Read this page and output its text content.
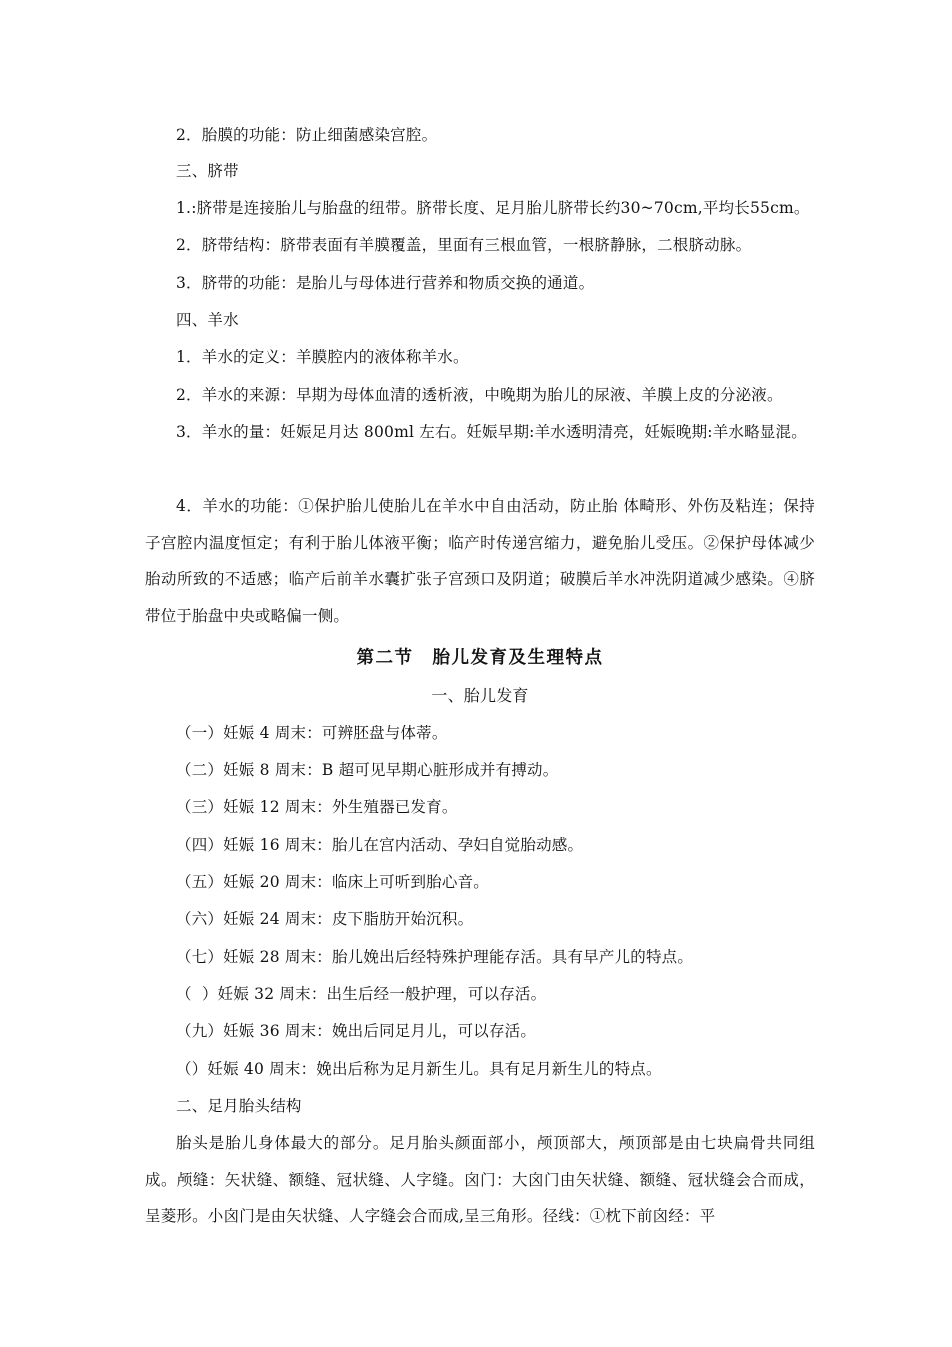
2．胎膜的功能：防止细菌感染宫腔。

三、脐带

1.:脐带是连接胎儿与胎盘的纽带。脐带长度、足月胎儿脐带长约30~70cm,平均长55cm。

2．脐带结构：脐带表面有羊膜覆盖，里面有三根血管，一根脐静脉，二根脐动脉。

3．脐带的功能：是胎儿与母体进行营养和物质交换的通道。

四、羊水

1．羊水的定义：羊膜腔内的液体称羊水。

2．羊水的来源：早期为母体血清的透析液，中晚期为胎儿的尿液、羊膜上皮的分泌液。

3．羊水的量：妊娠足月达 800ml 左右。妊娠早期:羊水透明清亮，妊娠晚期:羊水略显混。

4．羊水的功能：①保护胎儿使胎儿在羊水中自由活动，防止胎 体畸形、外伤及粘连；保持子宫腔内温度恒定；有利于胎儿体液平衡；临产时传递宫缩力，避免胎儿受压。②保护母体减少胎动所致的不适感；临产后前羊水囊扩张子宫颈口及阴道；破膜后羊水冲洗阴道减少感染。④脐带位于胎盘中央或略偏一侧。

第二节　胎儿发育及生理特点

一、胎儿发育

（一）妊娠 4 周末：可辨胚盘与体蒂。

（二）妊娠 8 周末：B 超可见早期心脏形成并有搏动。

（三）妊娠 12 周末：外生殖器已发育。

（四）妊娠 16 周末：胎儿在宫内活动、孕妇自觉胎动感。

（五）妊娠 20 周末：临床上可听到胎心音。

（六）妊娠 24 周末：皮下脂肪开始沉积。

（七）妊娠 28 周末：胎儿娩出后经特殊护理能存活。具有早产儿的特点。

（  ）妊娠 32 周末：出生后经一般护理，可以存活。

（九）妊娠 36 周末：娩出后同足月儿，可以存活。

（）妊娠 40 周末：娩出后称为足月新生儿。具有足月新生儿的特点。

二、足月胎头结构

胎头是胎儿身体最大的部分。足月胎头颜面部小，颅顶部大，颅顶部是由七块扁骨共同组成。颅缝：矢状缝、额缝、冠状缝、人字缝。囟门：大囟门由矢状缝、额缝、冠状缝会合而成，呈菱形。小囟门是由矢状缝、人字缝会合而成,呈三角形。径线：①枕下前囟经：平
